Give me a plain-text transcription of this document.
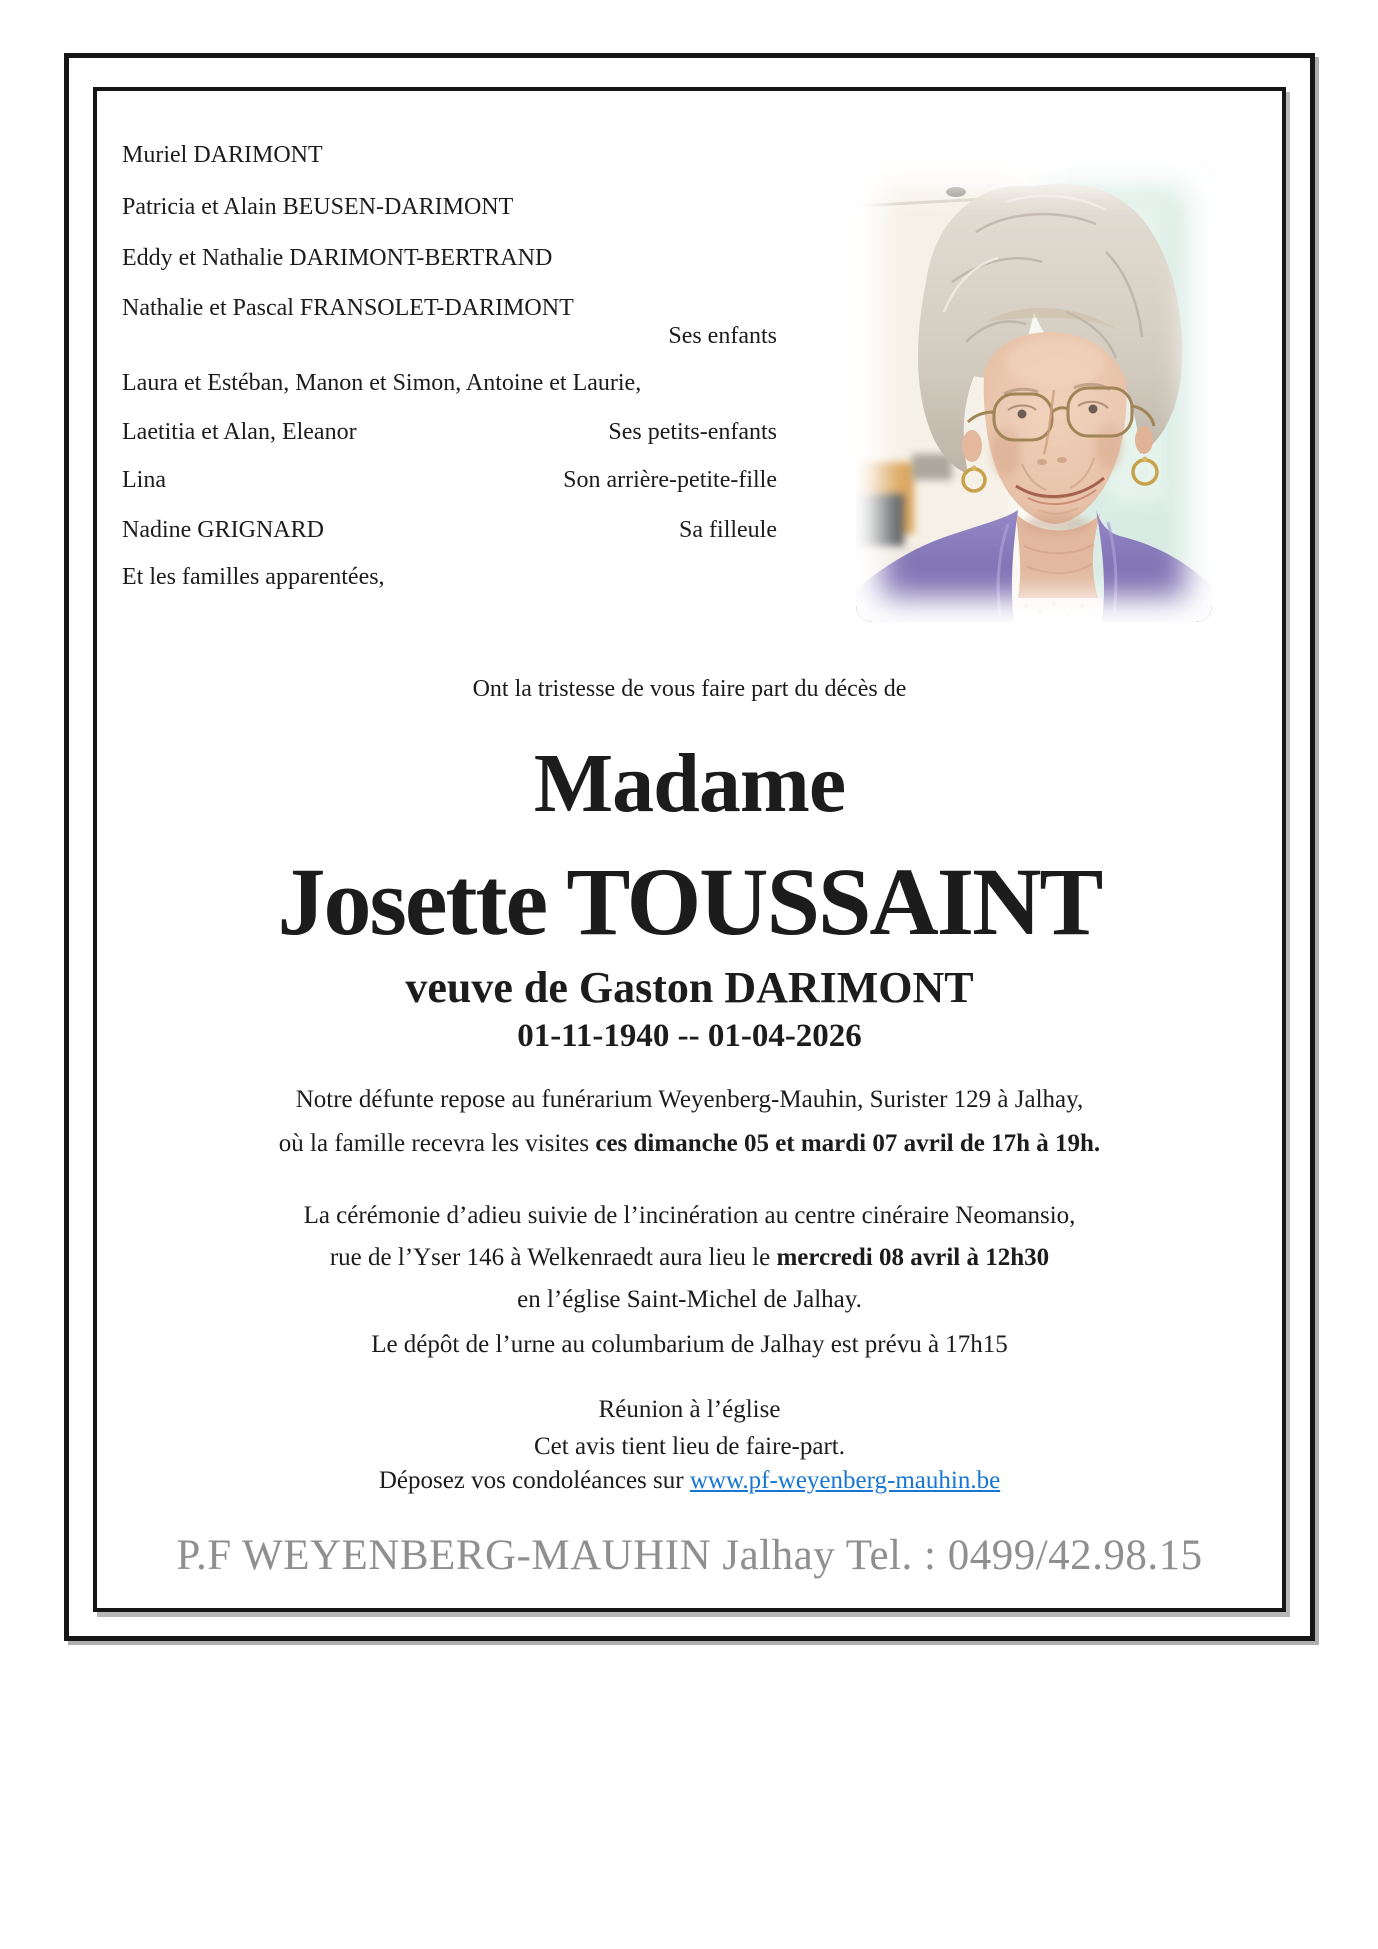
Muriel DARIMONT
Patricia et Alain BEUSEN-DARIMONT
Eddy et Nathalie DARIMONT-BERTRAND
Nathalie et Pascal FRANSOLET-DARIMONT
Ses enfants
Laura et Estéban, Manon et Simon, Antoine et Laurie,
Laetitia et Alan, Eleanor	Ses petits-enfants
Lina	Son arrière-petite-fille
Nadine GRIGNARD	Sa filleule
Et les familles apparentées,
Ont la tristesse de vous faire part du décès de
Madame
Josette TOUSSAINT
veuve de Gaston DARIMONT
01-11-1940 -- 01-04-2026
Notre défunte repose au funérarium Weyenberg-Mauhin, Surister 129 à Jalhay,
où la famille recevra les visites ces dimanche 05 et mardi 07 avril de 17h à 19h.
La cérémonie d’adieu suivie de l’incinération au centre cinéraire Neomansio,
rue de l’Yser 146 à Welkenraedt aura lieu le mercredi 08 avril à 12h30
en l’église Saint-Michel de Jalhay.
Le dépôt de l’urne au columbarium de Jalhay est prévu à 17h15
Réunion à l’église
Cet avis tient lieu de faire-part.
Déposez vos condoléances sur www.pf-weyenberg-mauhin.be
P.F WEYENBERG-MAUHIN Jalhay Tel. : 0499/42.98.15
